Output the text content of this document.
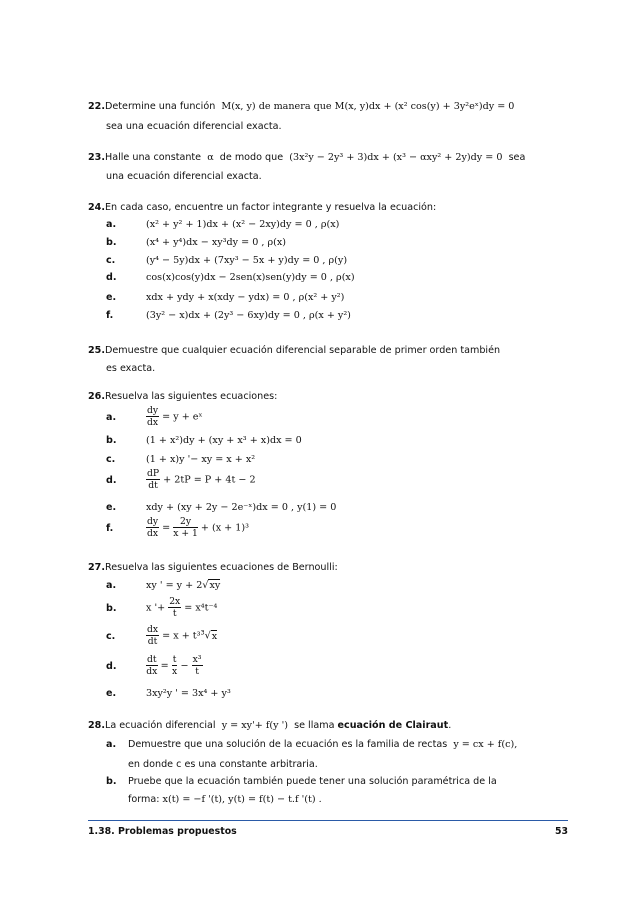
22.Determine una función M(x, y) de manera que M(x, y)dx + (x² cos(y) + 3y²eˣ)dy = 0
sea una ecuación diferencial exacta.
23.Halle una constante α de modo que (3x²y − 2y³ + 3)dx + (x³ − αxy² + 2y)dy = 0 sea
una ecuación diferencial exacta.
24.En cada caso, encuentre un factor integrante y resuelva la ecuación:
a.	(x² + y² + 1)dx + (x² − 2xy)dy = 0 , ρ(x)
b.	(x⁴ + y⁴)dx − xy³dy = 0 , ρ(x)
c.	(y⁴ − 5y)dx + (7xy³ − 5x + y)dy = 0 , ρ(y)
d.	cos(x)cos(y)dx − 2sen(x)sen(y)dy = 0 , ρ(x)
e.	xdx + ydy + x(xdy − ydx) = 0 , ρ(x² + y²)
f.	(3y² − x)dx + (2y³ − 6xy)dy = 0 , ρ(x + y²)
25.Demuestre que cualquier ecuación diferencial separable de primer orden también
es exacta.
26.Resuelva las siguientes ecuaciones:
a.	$\frac{dy}{dx} = y$ + eˣ
b.	(1 + x²)dy + (xy + x³ + x)dx = 0
c.	(1 + x)y '− xy = x + x²
d.	$\frac{dP}{dt} + 2tP = P + 4t - 2$
e.	xdy + (xy + 2y − 2e⁻ˣ)dx = 0 , y(1) = 0
f.	$\frac{dy}{dx} = \frac{2y}{x + 1} + (x + 1)^3$
27.Resuelva las siguientes ecuaciones de Bernoulli:
a.	xy ' = y + 2√xy
b.	x '+ $\frac{2x}{t} = x^4t^{-4}$
c.	$\frac{dx}{dt} = x + t^3^3√x$
d.	$\frac{dt}{dx} = \frac{t}{x} - \frac{\text{x³}}{t}$
e.	3xy²y ' = 3x⁴ + y³
28.La ecuación diferencial y = xy'+ f(y ') se llama ecuación de Clairaut.
a. Demuestre que una solución de la ecuación es la familia de rectas y = cx + f(c),
en donde c es una constante arbitraria.
b. Pruebe que la ecuación también puede tener una solución paramétrica de la
forma: x(t) = −f '(t), y(t) = f(t) − t.f '(t) .
1.38. Problemas propuestos	53
